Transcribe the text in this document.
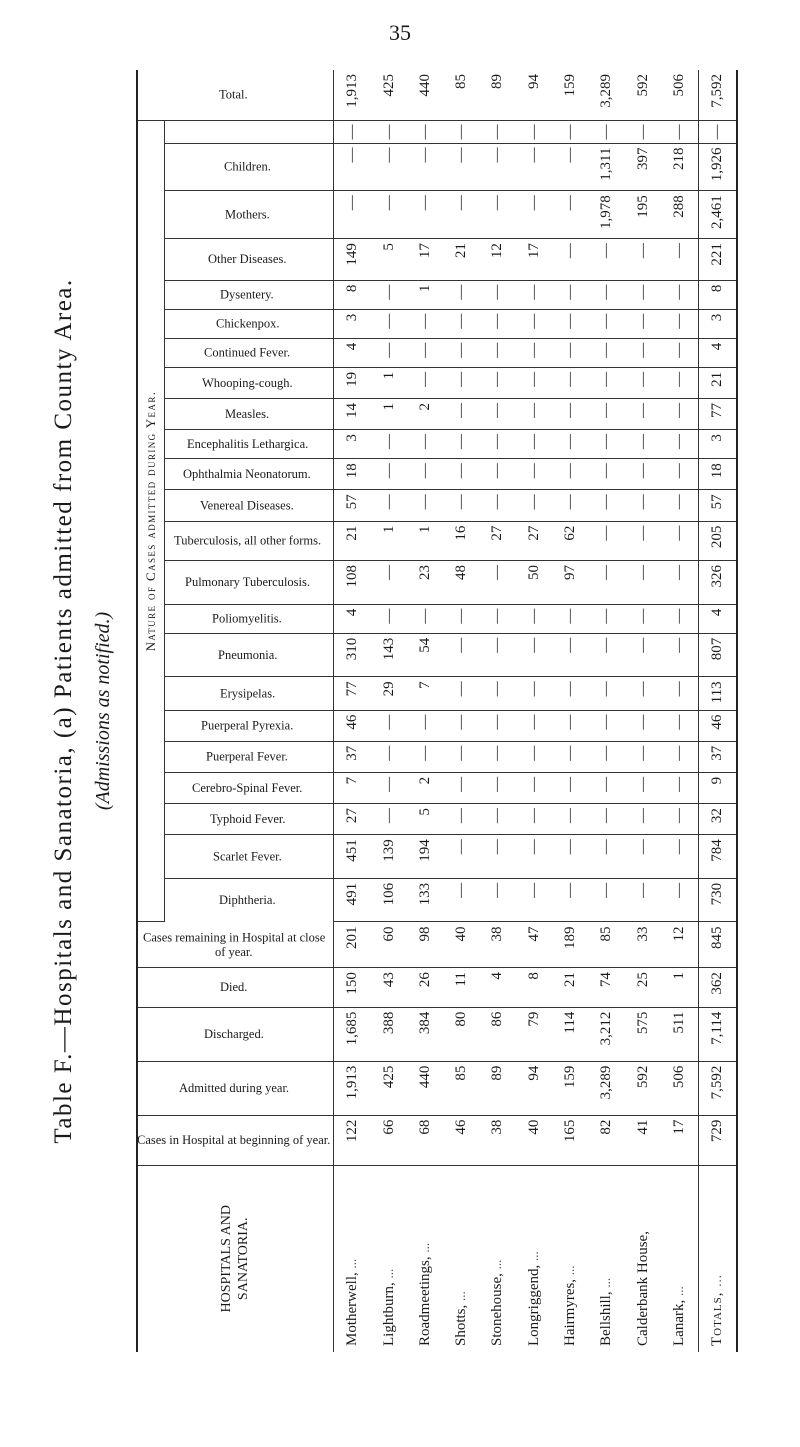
35
Table F.—Hospitals and Sanatoria, (a) Patients admitted from County Area. (Admissions as notified.)
HOSPITALS AND SANATORIA.	Cases in Hospital at beginning of year.	Admitted during year.	Discharged.	Died.	Cases remaining in Hospital at close of year.	Nature of Cases admitted during Year.																							Total.
						Diphtheria.	Scarlet Fever.	Typhoid Fever.	Cerebro-Spinal Fever.	Puerperal Fever.	Puerperal Pyrexia.	Erysipelas.	Pneumonia.	Poliomyelitis.	Pulmonary Tuberculosis.	Tuberculosis, all other forms.	Venereal Diseases.	Ophthalmia Neonatorum.	Encephalitis Lethargica.	Measles.	Whooping-cough.	Continued Fever.	Chickenpox.	Dysentery.	Other Diseases.	Mothers.	Children.		
Motherwell, ...	122	1,913	1,685	150	201	491	451	27	7	37	46	77	310	4	108	21	57	18	3	14	19	4	3	8	149	—	—	—	1,913
Lightburn, ...	66	425	388	43	60	106	139	—	—	—	—	29	143	—	—	1	—	—	—	1	1	—	—	—	5	—	—	—	425
Roadmeetings, ...	68	440	384	26	98	133	194	5	2	—	—	7	54	—	23	1	—	—	—	2	—	—	—	1	17	—	—	—	440
Shotts, ...	46	85	80	11	40	—	—	—	—	—	—	—	—	—	48	16	—	—	—	—	—	—	—	—	21	—	—	—	85
Stonehouse, ...	38	89	86	4	38	—	—	—	—	—	—	—	—	—	—	27	—	—	—	—	—	—	—	—	12	—	—	—	89
Longriggend, ...	40	94	79	8	47	—	—	—	—	—	—	—	—	—	50	27	—	—	—	—	—	—	—	—	17	—	—	—	94
Hairmyres, ...	165	159	114	21	189	—	—	—	—	—	—	—	—	—	97	62	—	—	—	—	—	—	—	—	—	—	—	—	159
Bellshill, ...	82	3,289	3,212	74	85	—	—	—	—	—	—	—	—	—	—	—	—	—	—	—	—	—	—	—	—	1,978	1,311	—	3,289
Calderbank House,	41	592	575	25	33	—	—	—	—	—	—	—	—	—	—	—	—	—	—	—	—	—	—	—	—	195	397	—	592
Lanark, ...	17	506	511	1	12	—	—	—	—	—	—	—	—	—	—	—	—	—	—	—	—	—	—	—	—	288	218	—	506
Totals, ...	729	7,592	7,114	362	845	730	784	32	9	37	46	113	807	4	326	205	57	18	3	77	21	4	3	8	221	2,461	1,926	—	7,592
